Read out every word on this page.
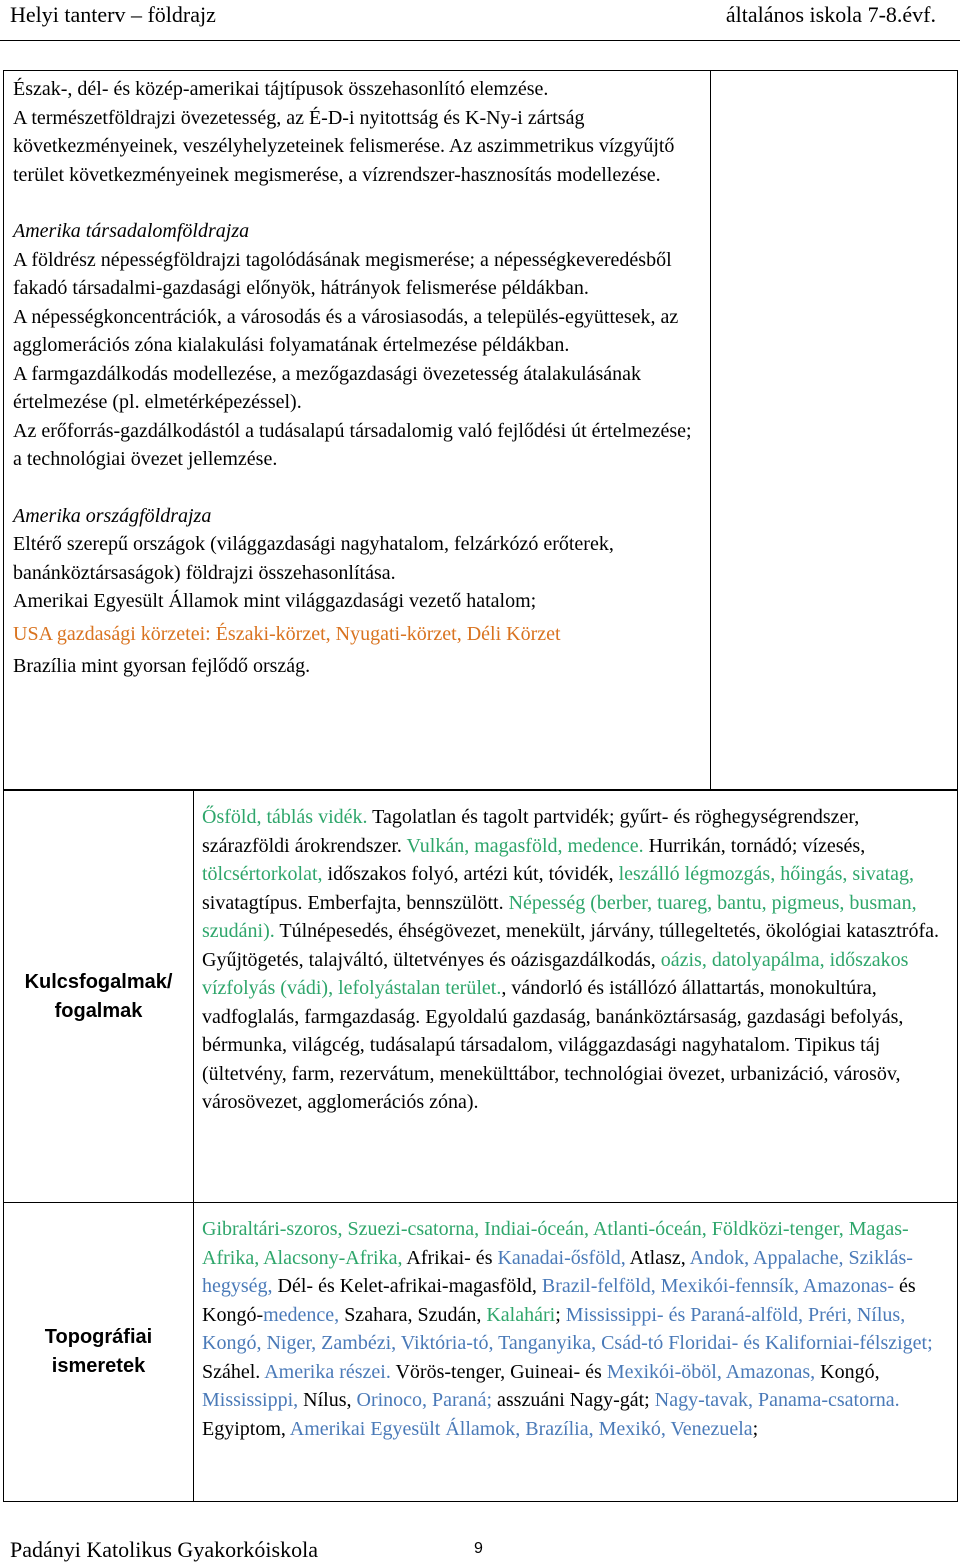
Helyi tanterv – földrajz	általános iskola 7-8.évf.

Észak-, dél- és közép-amerikai tájtípusok összehasonlító elemzése.

A természetföldrajzi övezetesség, az É-D-i nyitottság és K-Ny-i zártság következményeinek, veszélyhelyzeteinek felismerése. Az aszimmetrikus vízgyűjtő terület következményeinek megismerése, a vízrendszer-hasznosítás modellezése.

Amerika társadalomföldrajza

A földrész népességföldrajzi tagolódásának megismerése; a népességkeveredésből fakadó társadalmi-gazdasági előnyök, hátrányok felismerése példákban.

A népességkoncentrációk, a városodás és a városiasodás, a település-együttesek, az agglomerációs zóna kialakulási folyamatának értelmezése példákban.

A farmgazdálkodás modellezése, a mezőgazdasági övezetesség átalakulásának értelmezése (pl. elmetérképezéssel).

Az erőforrás-gazdálkodástól a tudásalapú társadalomig való fejlődési út értelmezése; a technológiai övezet jellemzése.

Amerika országföldrajza

Eltérő szerepű országok (világgazdasági nagyhatalom, felzárkózó erőterek, banánköztársaságok) földrajzi összehasonlítása.

Amerikai Egyesült Államok mint világgazdasági vezető hatalom;

USA gazdasági körzetei: Északi-körzet, Nyugati-körzet, Déli Körzet

Brazília mint gyorsan fejlődő ország.

Kulcsfogalmak/ fogalmak

Ősföld, táblás vidék. Tagolatlan és tagolt partvidék; gyűrt- és röghegységrendszer, szárazföldi árokrendszer. Vulkán, magasföld, medence. Hurrikán, tornádó; vízesés, tölcsértorkolat, időszakos folyó, artézi kút, tóvidék, leszálló légmozgás, hőingás, sivatag, sivatagtípus. Emberfajta, bennszülött. Népesség (berber, tuareg, bantu, pigmeus, busman, szudáni). Túlnépesedés, éhségövezet, menekült, járvány, túllegeltetés, ökológiai katasztrófa. Gyűjtögetés, talajváltó, ültetvényes és oázisgazdálkodás, oázis, datolyapálma, időszakos vízfolyás (vádi), lefolyástalan terület., vándorló és istállózó állattartás, monokultúra, vadfoglalás, farmgazdaság. Egyoldalú gazdaság, banánköztársaság, gazdasági befolyás, bérmunka, világcég, tudásalapú társadalom, világgazdasági nagyhatalom. Tipikus táj (ültetvény, farm, rezervátum, menekülttábor, technológiai övezet, urbanizáció, városöv, városövezet, agglomerációs zóna).

Topográfiai ismeretek

Gibraltári-szoros, Szuezi-csatorna, Indiai-óceán, Atlanti-óceán, Földközi-tenger, Magas-Afrika, Alacsony-Afrika, Afrikai- és Kanadai-ősföld, Atlasz, Andok, Appalache, Sziklás-hegység, Dél- és Kelet-afrikai-magasföld, Brazil-felföld, Mexikói-fennsík, Amazonas- és Kongó-medence, Szahara, Szudán, Kalahári; Mississippi- és Paraná-alföld, Préri, Nílus, Kongó, Niger, Zambézi, Viktória-tó, Tanganyika, Csád-tó Floridai- és Kaliforniai-félsziget; Száhel. Amerika részei. Vörös-tenger, Guineai- és Mexikói-öböl, Amazonas, Kongó, Mississippi, Nílus, Orinoco, Paraná; asszuáni Nagy-gát; Nagy-tavak, Panama-csatorna.
Egyiptom, Amerikai Egyesült Államok, Brazília, Mexikó, Venezuela;

Padányi Katolikus Gyakorkóiskola	9
